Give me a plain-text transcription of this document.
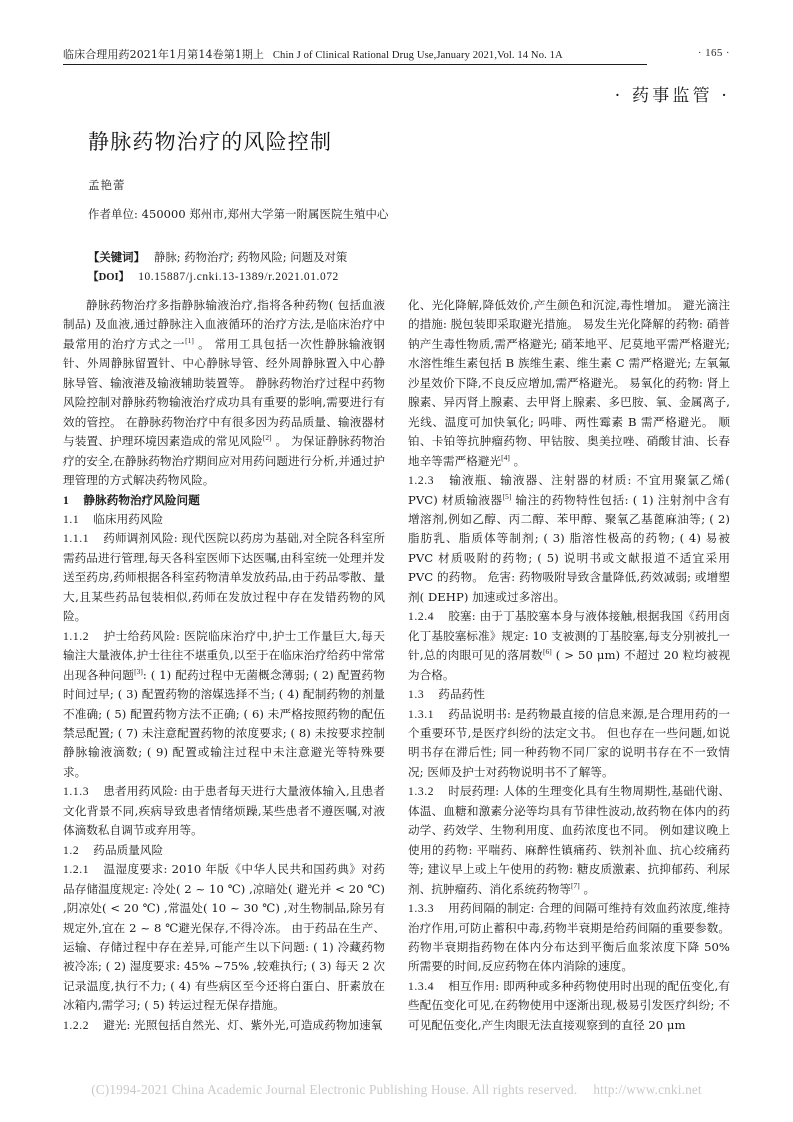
临床合理用药2021年1月第14卷第1期上 Chin J of Clinical Rational Drug Use,January 2021,Vol. 14 No. 1A	· 165 ·
· 药事监管 ·
静脉药物治疗的风险控制
孟艳蕾
作者单位: 450000 郑州市,郑州大学第一附属医院生殖中心
【关键词】 静脉; 药物治疗; 药物风险; 问题及对策
【DOI】 10.15887/j.cnki.13-1389/r.2021.01.072

静脉药物治疗多指静脉输液治疗,指将各种药物( 包括血液制品) 及血液,通过静脉注入血液循环的治疗方法,是临床治疗中最常用的治疗方式之一[1] 。 常用工具包括一次性静脉输液钢针、外周静脉留置针、中心静脉导管、经外周静脉置入中心静脉导管、输液港及输液辅助装置等。 静脉药物治疗过程中药物风险控制对静脉药物输液治疗成功具有重要的影响,需要进行有效的管控。 在静脉药物治疗中有很多因为药品质量、输液器材与装置、护理环境因素造成的常见风险[2] 。 为保证静脉药物治疗的安全,在静脉药物治疗期间应对用药问题进行分析,并通过护理管理的方式解决药物风险。

1 静脉药物治疗风险问题

1.1 临床用药风险

1.1.1 药师调剂风险: 现代医院以药房为基础,对全院各科室所需药品进行管理,每天各科室医师下达医嘱,由科室统一处理并发送至药房,药师根据各科室药物清单发放药品,由于药品零散、量大,且某些药品包装相似,药师在发放过程中存在发错药物的风险。

1.1.2 护士给药风险: 医院临床治疗中,护士工作量巨大,每天输注大量液体,护士往往不堪重负,以至于在临床治疗给药中常常出现各种问题[3]: ( 1) 配药过程中无菌概念薄弱; ( 2) 配置药物时间过早; ( 3) 配置药物的溶媒选择不当; ( 4) 配制药物的剂量不准确; ( 5) 配置药物方法不正确; ( 6) 未严格按照药物的配伍禁忌配置; ( 7) 未注意配置药物的浓度要求; ( 8) 未按要求控制静脉输液滴数; ( 9) 配置或输注过程中未注意避光等特殊要求。

1.1.3 患者用药风险: 由于患者每天进行大量液体输入,且患者文化背景不同,疾病导致患者情绪烦躁,某些患者不遵医嘱,对液体滴数私自调节或弃用等。

1.2 药品质量风险

1.2.1 温湿度要求: 2010 年版《中华人民共和国药典》对药品存储温度规定: 冷处( 2 ~ 10 ℃) ,凉暗处( 避光并 < 20 ℃) ,阴凉处( < 20 ℃) ,常温处( 10 ~ 30 ℃) ,对生物制品,除另有规定外,宜在 2 ~ 8 ℃避光保存,不得冷冻。 由于药品在生产、运输、存储过程中存在差异,可能产生以下问题: ( 1) 冷藏药物被冷冻; ( 2) 湿度要求: 45% ~75% ,较难执行; ( 3) 每天 2 次记录温度,执行不力; ( 4) 有些病区至今还将白蛋白、肝素放在冰箱内,需学习; ( 5) 转运过程无保存措施。

1.2.2 避光: 光照包括自然光、灯、紫外光,可造成药物加速氧

化、光化降解,降低效价,产生颜色和沉淀,毒性增加。 避光滴注的措施: 脱包装即采取避光措施。 易发生光化降解的药物: 硝普钠产生毒性物质,需严格避光; 硝苯地平、尼莫地平需严格避光; 水溶性维生素包括 B 族维生素、维生素 C 需严格避光; 左氧氟沙星效价下降,不良反应增加,需严格避光。 易氧化的药物: 肾上腺素、异丙肾上腺素、去甲肾上腺素、多巴胺、氧、金属离子,光线、温度可加快氧化; 吗啡、两性霉素 B 需严格避光。 顺铂、卡铂等抗肿瘤药物、甲钴胺、奥美拉唑、硝酸甘油、长春地辛等需严格避光[4] 。

1.2.3 输液瓶、输液器、注射器的材质: 不宜用聚氯乙烯( PVC) 材质输液器[5] 输注的药物特性包括: ( 1) 注射剂中含有增溶剂,例如乙醇、丙二醇、苯甲醇、聚氧乙基蓖麻油等; ( 2) 脂肪乳、脂质体等制剂; ( 3) 脂溶性极高的药物; ( 4) 易被 PVC 材质吸附的药物; ( 5) 说明书或文献报道不适宜采用 PVC 的药物。 危害: 药物吸附导致含量降低,药效减弱; 或增塑剂( DEHP) 加速或过多溶出。

1.2.4 胶塞: 由于丁基胶塞本身与液体接触,根据我国《药用卤化丁基胶塞标准》规定: 10 支被测的丁基胶塞,每支分别被扎一针,总的肉眼可见的落屑数[6] ( > 50 μm) 不超过 20 粒均被视为合格。

1.3 药品药性

1.3.1 药品说明书: 是药物最直接的信息来源,是合理用药的一个重要环节,是医疗纠纷的法定文书。 但也存在一些问题,如说明书存在滞后性; 同一种药物不同厂家的说明书存在不一致情况; 医师及护士对药物说明书不了解等。

1.3.2 时辰药理: 人体的生理变化具有生物周期性,基础代谢、体温、血糖和激素分泌等均具有节律性波动,故药物在体内的药动学、药效学、生物利用度、血药浓度也不同。 例如建议晚上使用的药物: 平喘药、麻醉性镇痛药、铁剂补血、抗心绞痛药等; 建议早上或上午使用的药物: 糖皮质激素、抗抑郁药、利尿剂、抗肿瘤药、消化系统药物等[7] 。

1.3.3 用药间隔的制定: 合理的间隔可维持有效血药浓度,维持治疗作用,可防止蓄积中毒,药物半衰期是给药间隔的重要参数。 药物半衰期指药物在体内分布达到平衡后血浆浓度下降 50% 所需要的时间,反应药物在体内消除的速度。

1.3.4 相互作用: 即两种或多种药物使用时出现的配伍变化,有些配伍变化可见,在药物使用中逐渐出现,极易引发医疗纠纷; 不可见配伍变化,产生肉眼无法直接观察到的直径 20 μm

(C)1994-2021 China Academic Journal Electronic Publishing House. All rights reserved. http://www.cnki.net
